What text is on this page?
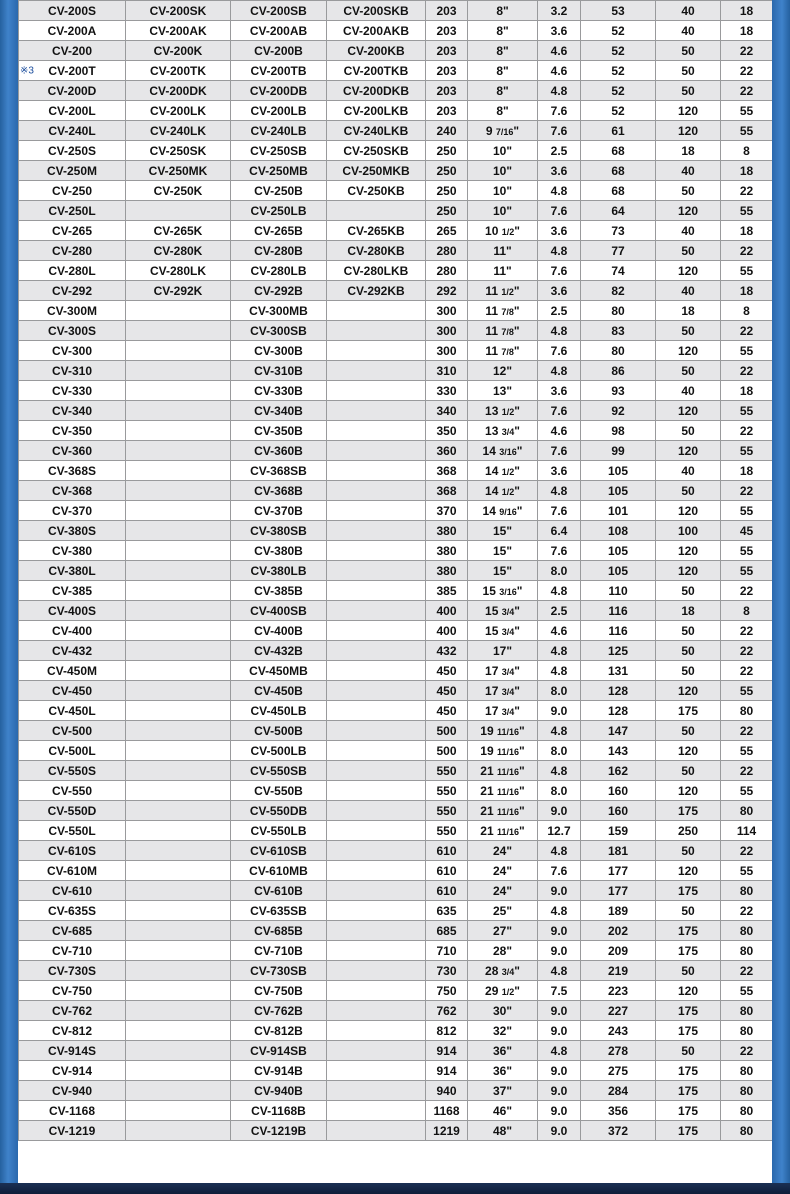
CV-200S	CV-200SK	CV-200SB	CV-200SKB	203	8"	3.2	53	40	18
CV-200A	CV-200AK	CV-200AB	CV-200AKB	203	8"	3.6	52	40	18
CV-200	CV-200K	CV-200B	CV-200KB	203	8"	4.6	52	50	22

※3 CV-200T	CV-200TK	CV-200TB	CV-200TKB	203	8"	4.6	52	50	22
CV-200D	CV-200DK	CV-200DB	CV-200DKB	203	8"	4.8	52	50	22
CV-200L	CV-200LK	CV-200LB	CV-200LKB	203	8"	7.6	52	120	55
CV-240L	CV-240LK	CV-240LB	CV-240LKB	240	9 7/16"	7.6	61	120	55
CV-250S	CV-250SK	CV-250SB	CV-250SKB	250	10"	2.5	68	18	8
CV-250M	CV-250MK	CV-250MB	CV-250MKB	250	10"	3.6	68	40	18
CV-250	CV-250K	CV-250B	CV-250KB	250	10"	4.8	68	50	22
CV-250L		CV-250LB		250	10"	7.6	64	120	55
CV-265	CV-265K	CV-265B	CV-265KB	265	10 1/2"	3.6	73	40	18
CV-280	CV-280K	CV-280B	CV-280KB	280	11"	4.8	77	50	22
CV-280L	CV-280LK	CV-280LB	CV-280LKB	280	11"	7.6	74	120	55
CV-292	CV-292K	CV-292B	CV-292KB	292	11 1/2"	3.6	82	40	18
CV-300M		CV-300MB		300	11 7/8"	2.5	80	18	8
CV-300S		CV-300SB		300	11 7/8"	4.8	83	50	22
CV-300		CV-300B		300	11 7/8"	7.6	80	120	55
CV-310		CV-310B		310	12"	4.8	86	50	22
CV-330		CV-330B		330	13"	3.6	93	40	18
CV-340		CV-340B		340	13 1/2"	7.6	92	120	55
CV-350		CV-350B		350	13 3/4"	4.6	98	50	22
CV-360		CV-360B		360	14 3/16"	7.6	99	120	55
CV-368S		CV-368SB		368	14 1/2"	3.6	105	40	18
CV-368		CV-368B		368	14 1/2"	4.8	105	50	22
CV-370		CV-370B		370	14 9/16"	7.6	101	120	55
CV-380S		CV-380SB		380	15"	6.4	108	100	45
CV-380		CV-380B		380	15"	7.6	105	120	55
CV-380L		CV-380LB		380	15"	8.0	105	120	55
CV-385		CV-385B		385	15 3/16"	4.8	110	50	22
CV-400S		CV-400SB		400	15 3/4"	2.5	116	18	8
CV-400		CV-400B		400	15 3/4"	4.6	116	50	22
CV-432		CV-432B		432	17"	4.8	125	50	22
CV-450M		CV-450MB		450	17 3/4"	4.8	131	50	22
CV-450		CV-450B		450	17 3/4"	8.0	128	120	55
CV-450L		CV-450LB		450	17 3/4"	9.0	128	175	80
CV-500		CV-500B		500	19 11/16"	4.8	147	50	22
CV-500L		CV-500LB		500	19 11/16"	8.0	143	120	55
CV-550S		CV-550SB		550	21 11/16"	4.8	162	50	22
CV-550		CV-550B		550	21 11/16"	8.0	160	120	55
CV-550D		CV-550DB		550	21 11/16"	9.0	160	175	80
CV-550L		CV-550LB		550	21 11/16"	12.7	159	250	114
CV-610S		CV-610SB		610	24"	4.8	181	50	22
CV-610M		CV-610MB		610	24"	7.6	177	120	55
CV-610		CV-610B		610	24"	9.0	177	175	80
CV-635S		CV-635SB		635	25"	4.8	189	50	22
CV-685		CV-685B		685	27"	9.0	202	175	80
CV-710		CV-710B		710	28"	9.0	209	175	80
CV-730S		CV-730SB		730	28 3/4"	4.8	219	50	22
CV-750		CV-750B		750	29 1/2"	7.5	223	120	55
CV-762		CV-762B		762	30"	9.0	227	175	80
CV-812		CV-812B		812	32"	9.0	243	175	80
CV-914S		CV-914SB		914	36"	4.8	278	50	22
CV-914		CV-914B		914	36"	9.0	275	175	80
CV-940		CV-940B		940	37"	9.0	284	175	80
CV-1168		CV-1168B		1168	46"	9.0	356	175	80
CV-1219		CV-1219B		1219	48"	9.0	372	175	80
